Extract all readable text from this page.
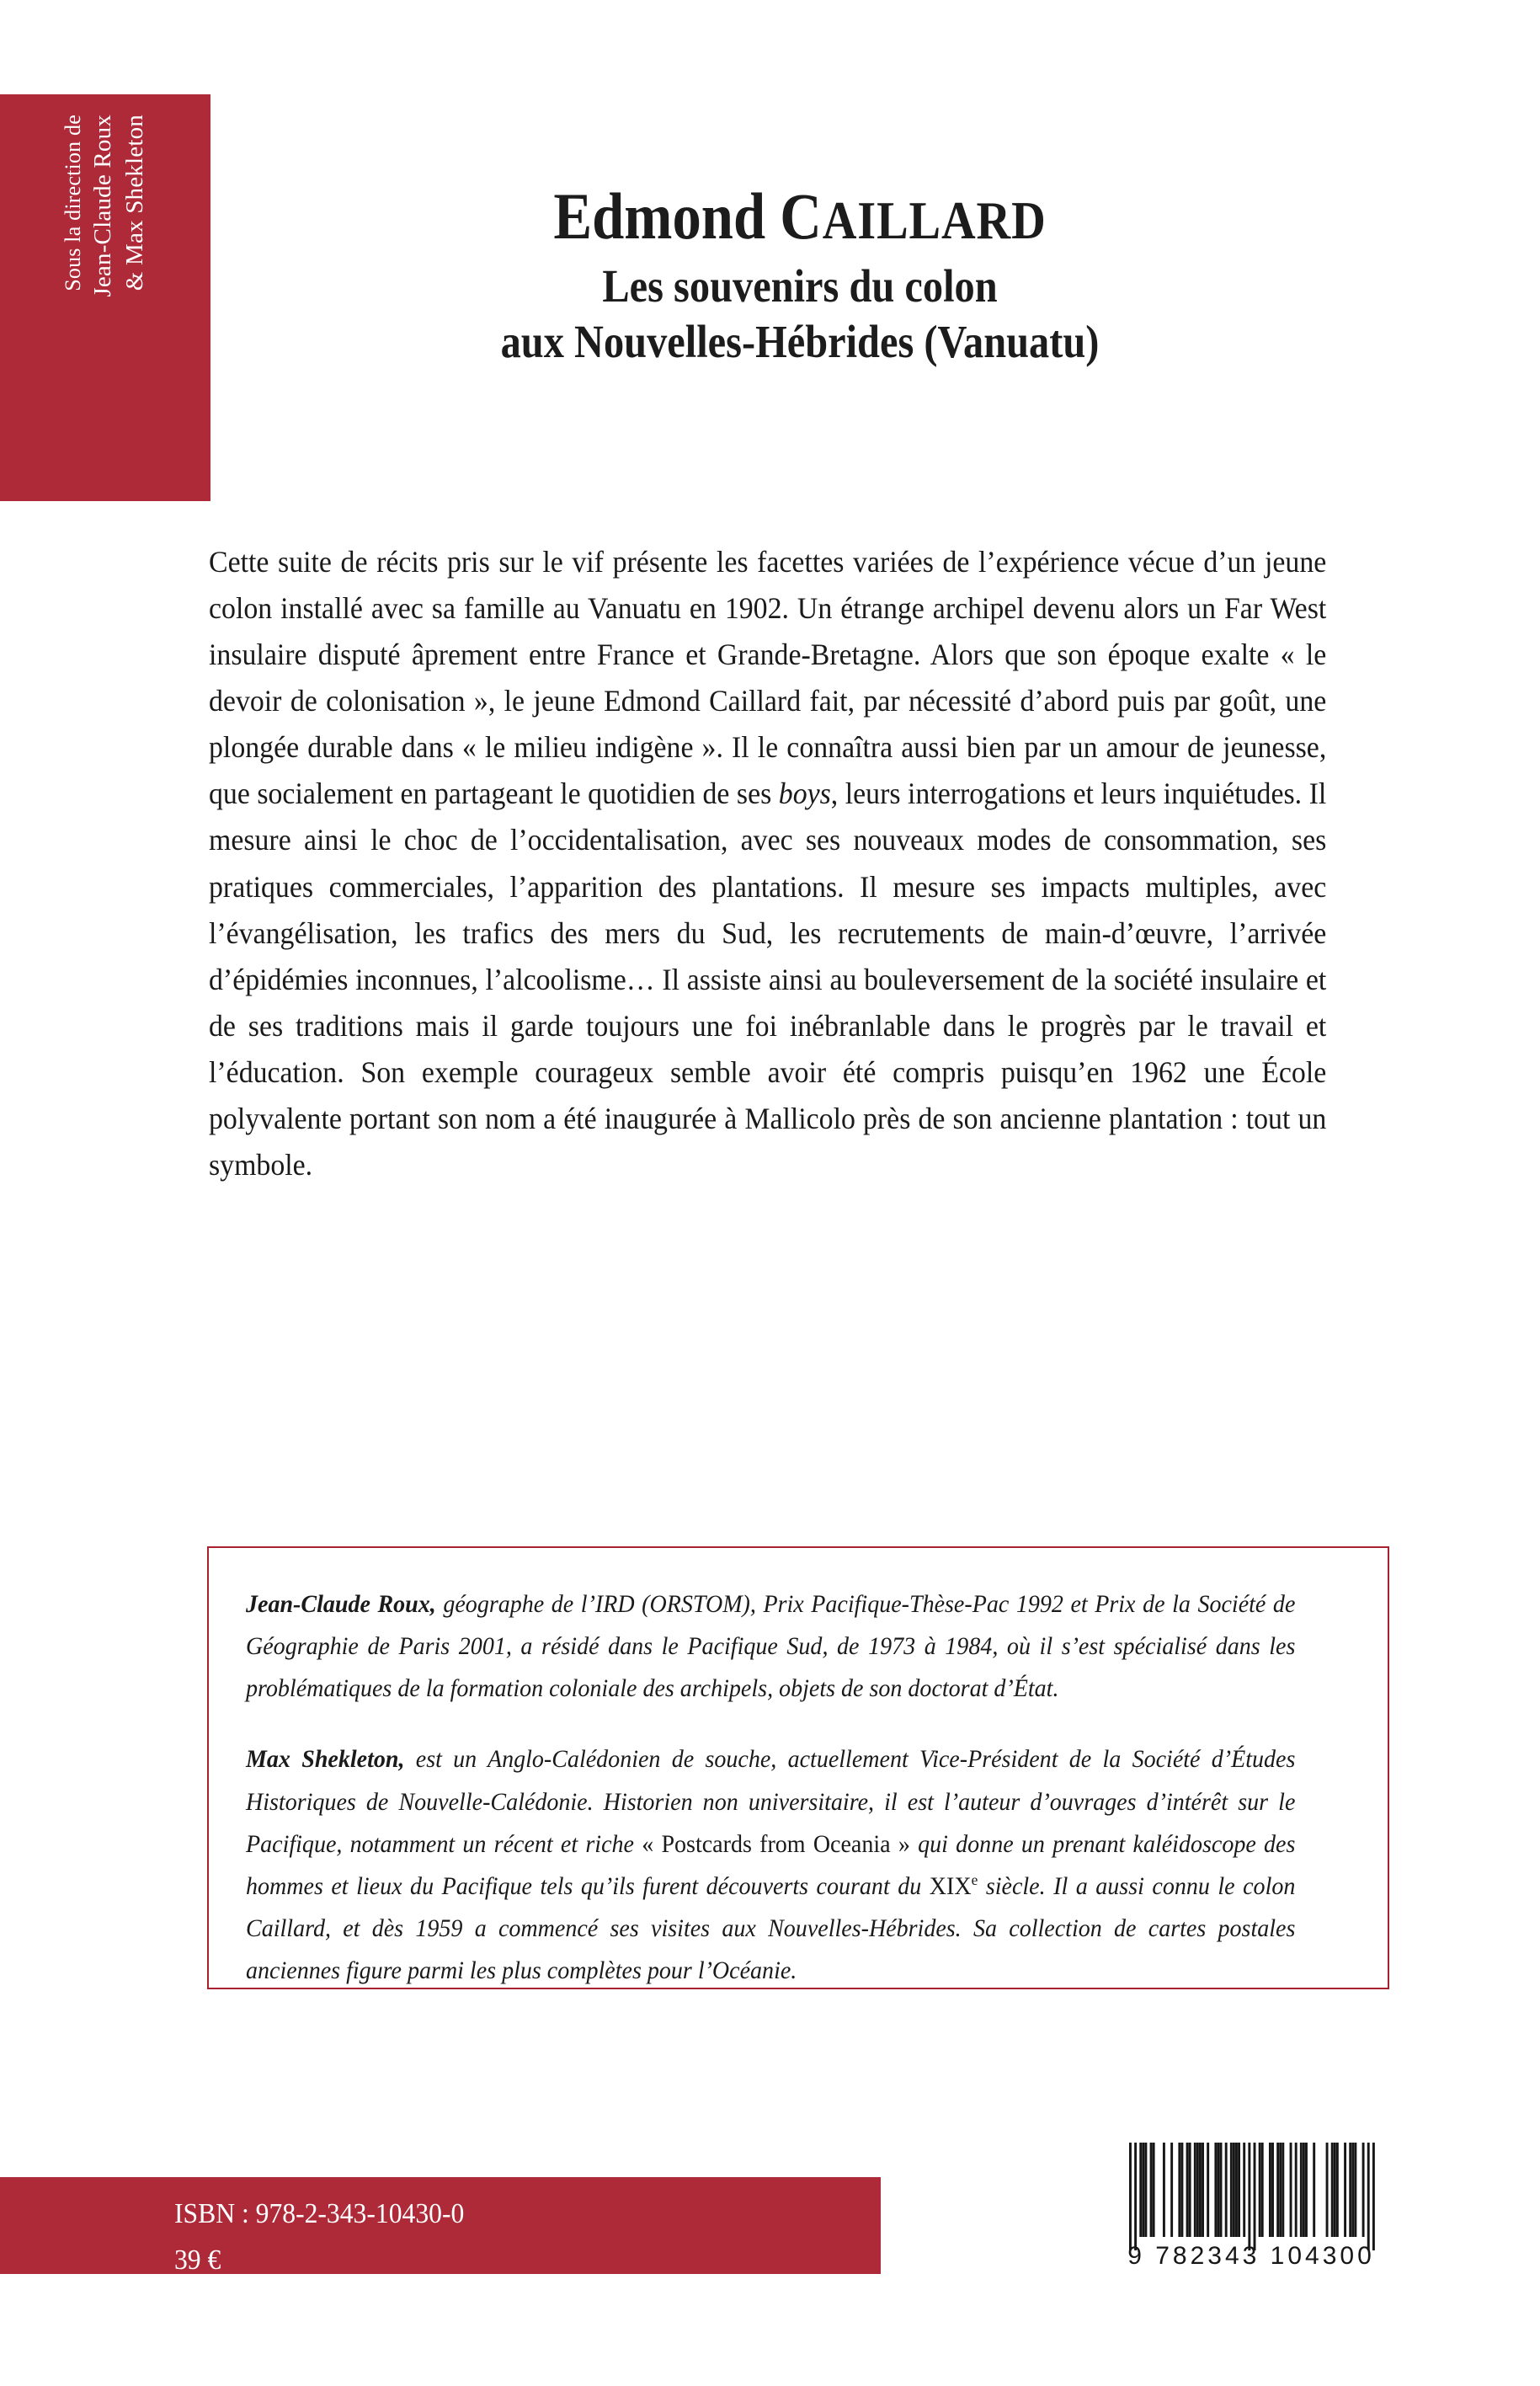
Sous la direction de Jean-Claude Roux & Max Shekleton	Edmond CAILLARD
Les souvenirs du colon
aux Nouvelles-Hébrides (Vanuatu)
Cette suite de récits pris sur le vif présente les facettes variées de l’expérience vécue d’un jeune colon installé avec sa famille au Vanuatu en 1902. Un étrange archipel devenu alors un Far West insulaire disputé âprement entre France et Grande-Bretagne. Alors que son époque exalte « le devoir de colonisation », le jeune Edmond Caillard fait, par nécessité d’abord puis par goût, une plongée durable dans « le milieu indigène ». Il le connaîtra aussi bien par un amour de jeunesse, que socialement en partageant le quotidien de ses boys, leurs interrogations et leurs inquiétudes. Il mesure ainsi le choc de l’occidentalisation, avec ses nouveaux modes de consommation, ses pratiques commerciales, l’apparition des plantations. Il mesure ses impacts multiples, avec l’évangélisation, les trafics des mers du Sud, les recrutements de main-d’œuvre, l’arrivée d’épidémies inconnues, l’alcoolisme… Il assiste ainsi au bouleversement de la société insulaire et de ses traditions mais il garde toujours une foi inébranlable dans le progrès par le travail et l’éducation. Son exemple courageux semble avoir été compris puisqu’en 1962 une École polyvalente portant son nom a été inaugurée à Mallicolo près de son ancienne plantation : tout un symbole.

Jean-Claude Roux, géographe de l’IRD (ORSTOM), Prix Pacifique-Thèse-Pac 1992 et Prix de la Société de Géographie de Paris 2001, a résidé dans le Pacifique Sud, de 1973 à 1984, où il s’est spécialisé dans les problématiques de la formation coloniale des archipels, objets de son doctorat d’État.

Max Shekleton, est un Anglo-Calédonien de souche, actuellement Vice-Président de la Société d’Études Historiques de Nouvelle-Calédonie. Historien non universitaire, il est l’auteur d’ouvrages d’intérêt sur le Pacifique, notamment un récent et riche « Postcards from Oceania » qui donne un prenant kaléidoscope des hommes et lieux du Pacifique tels qu’ils furent découverts courant du XIXe siècle. Il a aussi connu le colon Caillard, et dès 1959 a commencé ses visites aux Nouvelles-Hébrides. Sa collection de cartes postales anciennes figure parmi les plus complètes pour l’Océanie.

ISBN : 978-2-343-10430-0
39 €	9 782343 104300
